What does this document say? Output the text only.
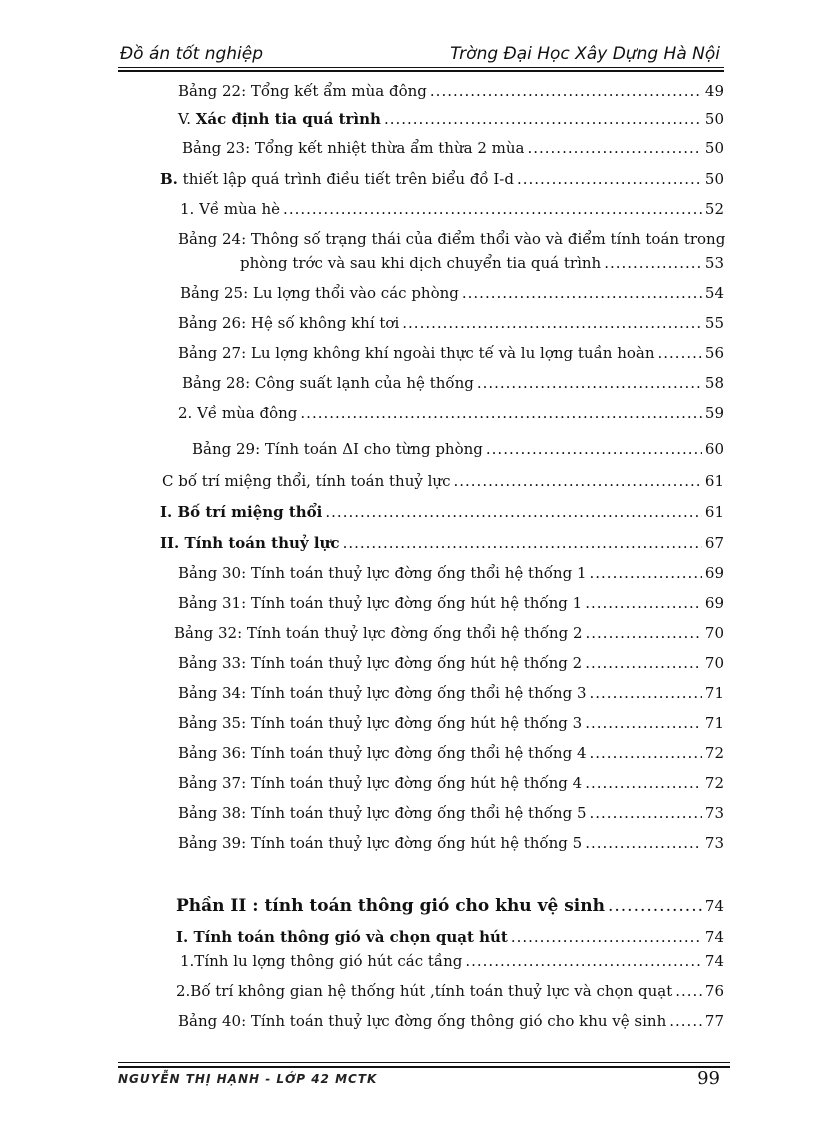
Đồ án tốt nghiệp	Trờng Đại Học Xây Dựng Hà Nội
Bảng 22: Tổng kết ẩm mùa đông .....	49
V. Xác định tia quá trình .....	50
Bảng 23: Tổng kết nhiệt thừa ẩm thừa 2 mùa .....	50
B. thiết lập quá trình điều tiết trên biểu đồ I-d .....	50
1. Về mùa hè .....	52
Bảng 24: Thông số trạng thái của điểm thổi vào và điểm tính toán trong
phòng trớc và sau khi dịch chuyển tia quá trình .....	53
Bảng 25: Lu lợng thổi vào các phòng .....	54
Bảng 26: Hệ số không khí tơi .....	55
Bảng 27: Lu lợng không khí ngoài thực tế và lu lợng tuần hoàn .....	56
Bảng 28: Công suất lạnh của hệ thống .....	58
2. Về mùa đông .....	59
Bảng 29: Tính toán ΔI cho từng phòng .....	60
C bố trí miệng thổi, tính toán thuỷ lực .....	61
I. Bố trí miệng thổi .....	61
II. Tính toán thuỷ lực .....	67
Bảng 30: Tính toán thuỷ lực đờng ống thổi hệ thống 1 .....	69
Bảng 31: Tính toán thuỷ lực đờng ống hút hệ thống 1 .....	69
Bảng 32: Tính toán thuỷ lực đờng ống thổi hệ thống 2 .....	70
Bảng 33: Tính toán thuỷ lực đờng ống hút hệ thống 2 .....	70
Bảng 34: Tính toán thuỷ lực đờng ống thổi hệ thống 3 .....	71
Bảng 35: Tính toán thuỷ lực đờng ống hút hệ thống 3 .....	71
Bảng 36: Tính toán thuỷ lực đờng ống thổi hệ thống 4 .....	72
Bảng 37: Tính toán thuỷ lực đờng ống hút hệ thống 4 .....	72
Bảng 38: Tính toán thuỷ lực đờng ống thổi hệ thống 5 .....	73
Bảng 39: Tính toán thuỷ lực đờng ống hút hệ thống 5 .....	73
Phần II : tính toán thông gió cho khu vệ sinh .....	74
I. Tính toán thông gió và chọn quạt hút .....	74
1.Tính lu lợng thông gió hút các tầng .....	74
2.Bố trí không gian hệ thống hút ,tính toán thuỷ lực và chọn quạt ..... 76
Bảng 40: Tính toán thuỷ lực đờng ống thông gió cho khu vệ sinh .....	77
NGUYỄN THỊ HẠNH - LỚP 42 MCTK	99
